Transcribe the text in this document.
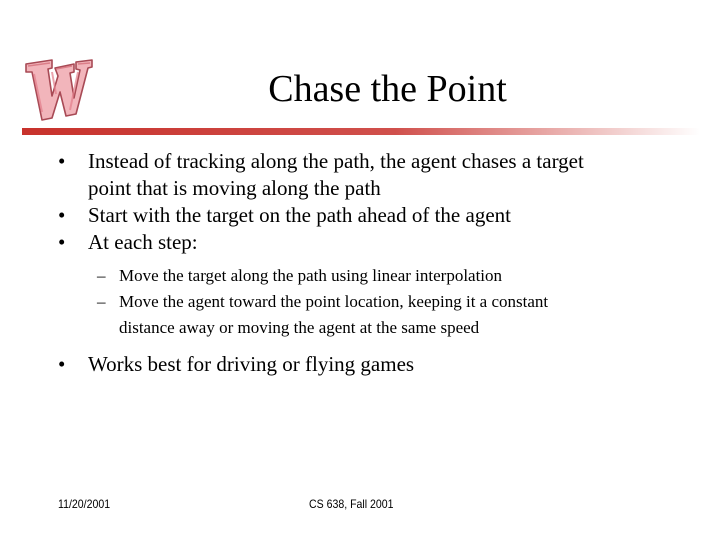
Chase the Point
• Instead of tracking along the path, the agent chases a target
point that is moving along the path
• Start with the target on the path ahead of the agent
• At each step:
– Move the target along the path using linear interpolation
– Move the agent toward the point location, keeping it a constant
distance away or moving the agent at the same speed
• Works best for driving or flying games
11/20/2001	CS 638, Fall 2001
